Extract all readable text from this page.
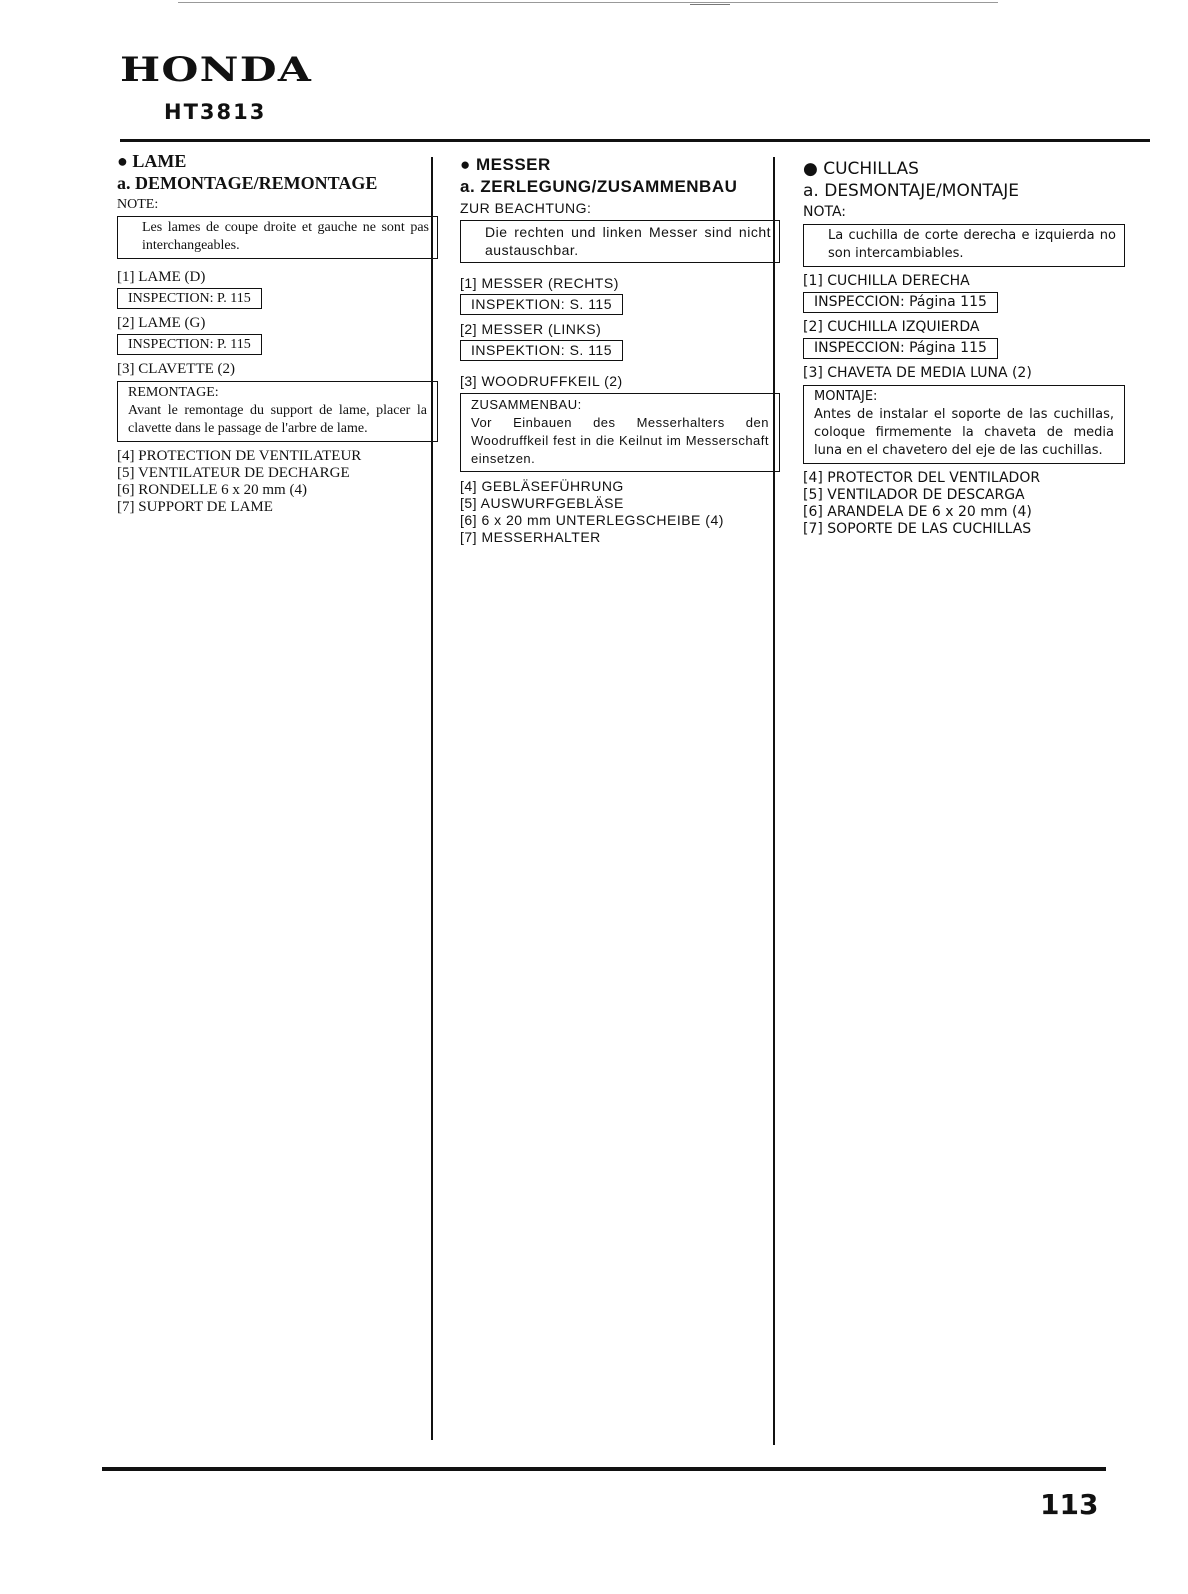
HONDA
HT3813
● LAME
a. DEMONTAGE/REMONTAGE
NOTE:
Les lames de coupe droite et gauche ne sont pas interchangeables.
[1] LAME (D)
INSPECTION: P. 115
[2] LAME (G)
INSPECTION: P. 115
[3] CLAVETTE (2)
REMONTAGE:
Avant le remontage du support de lame, placer la clavette dans le passage de l'arbre de lame.
[4] PROTECTION DE VENTILATEUR
[5] VENTILATEUR DE DECHARGE
[6] RONDELLE 6 x 20 mm (4)
[7] SUPPORT DE LAME
● MESSER
a. ZERLEGUNG/ZUSAMMENBAU
ZUR BEACHTUNG:
Die rechten und linken Messer sind nicht austauschbar.
[1] MESSER (RECHTS)
INSPEKTION: S. 115
[2] MESSER (LINKS)
INSPEKTION: S. 115
[3] WOODRUFFKEIL (2)
ZUSAMMENBAU:
Vor Einbauen des Messerhalters den Woodruffkeil fest in die Keilnut im Messerschaft einsetzen.
[4] GEBLÄSEFÜHRUNG
[5] AUSWURFGEBLÄSE
[6] 6 x 20 mm UNTERLEGSCHEIBE (4)
[7] MESSERHALTER
● CUCHILLAS
a. DESMONTAJE/MONTAJE
NOTA:
La cuchilla de corte derecha e izquierda no son intercambiables.
[1] CUCHILLA DERECHA
INSPECCION: Página 115
[2] CUCHILLA IZQUIERDA
INSPECCION: Página 115
[3] CHAVETA DE MEDIA LUNA (2)
MONTAJE:
Antes de instalar el soporte de las cuchillas, coloque firmemente la chaveta de media luna en el chavetero del eje de las cuchillas.
[4] PROTECTOR DEL VENTILADOR
[5] VENTILADOR DE DESCARGA
[6] ARANDELA DE 6 x 20 mm (4)
[7] SOPORTE DE LAS CUCHILLAS
113
